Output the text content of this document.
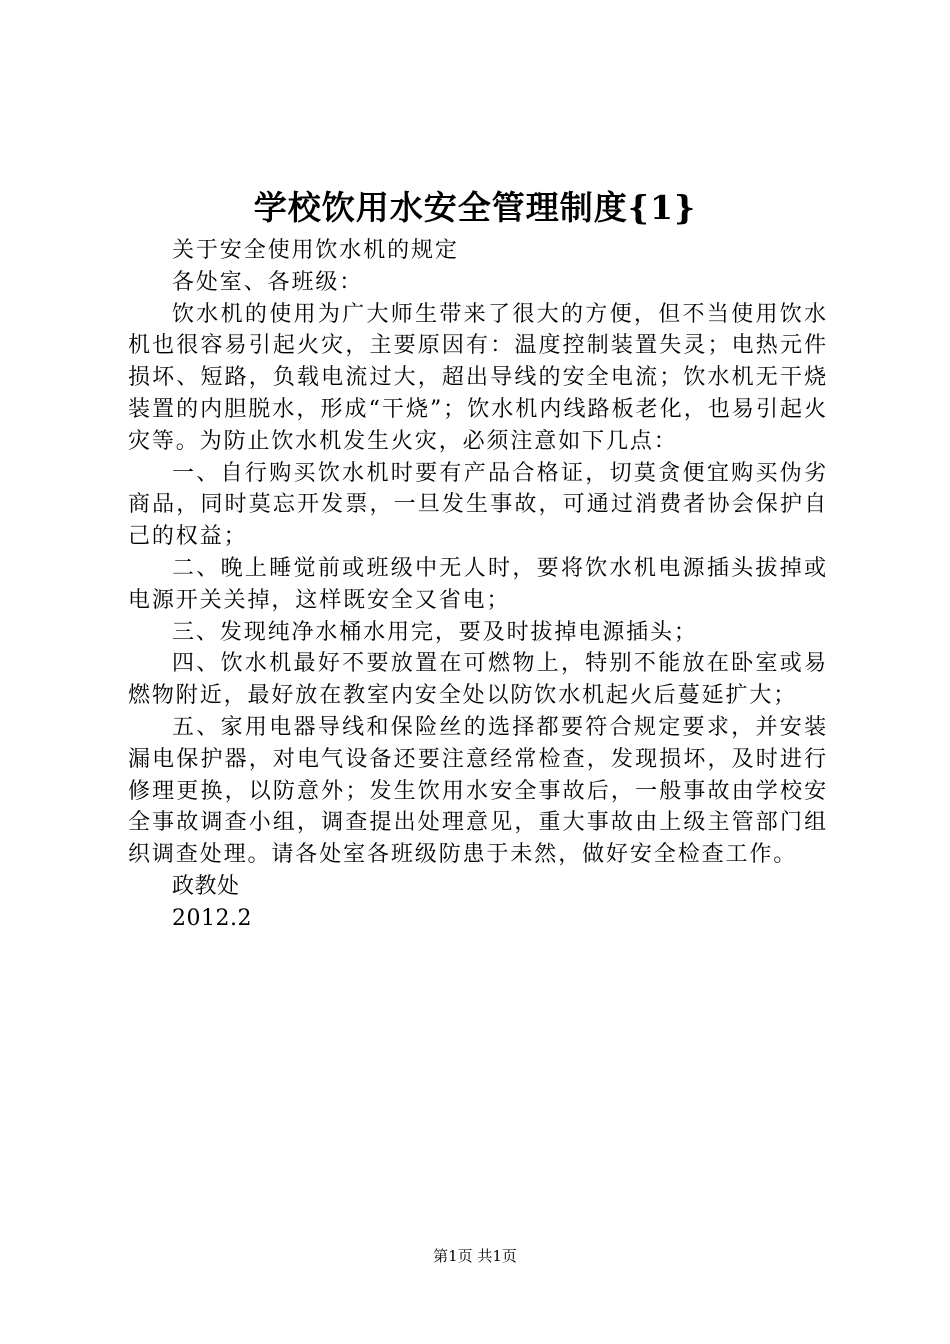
学校饮用水安全管理制度{1}

关于安全使用饮水机的规定

各处室、各班级：

饮水机的使用为广大师生带来了很大的方便，但不当使用饮水机也很容易引起火灾，主要原因有：温度控制装置失灵；电热元件损坏、短路，负载电流过大，超出导线的安全电流；饮水机无干烧装置的内胆脱水，形成“干烧”；饮水机内线路板老化，也易引起火灾等。为防止饮水机发生火灾，必须注意如下几点：

一、自行购买饮水机时要有产品合格证，切莫贪便宜购买伪劣商品，同时莫忘开发票，一旦发生事故，可通过消费者协会保护自己的权益；

二、晚上睡觉前或班级中无人时，要将饮水机电源插头拔掉或电源开关关掉，这样既安全又省电；

三、发现纯净水桶水用完，要及时拔掉电源插头；

四、饮水机最好不要放置在可燃物上，特别不能放在卧室或易燃物附近，最好放在教室内安全处以防饮水机起火后蔓延扩大；

五、家用电器导线和保险丝的选择都要符合规定要求，并安装漏电保护器，对电气设备还要注意经常检查，发现损坏，及时进行修理更换，以防意外；发生饮用水安全事故后，一般事故由学校安全事故调查小组，调查提出处理意见，重大事故由上级主管部门组织调查处理。请各处室各班级防患于未然，做好安全检查工作。

政教处

2012.2

第1页 共1页
